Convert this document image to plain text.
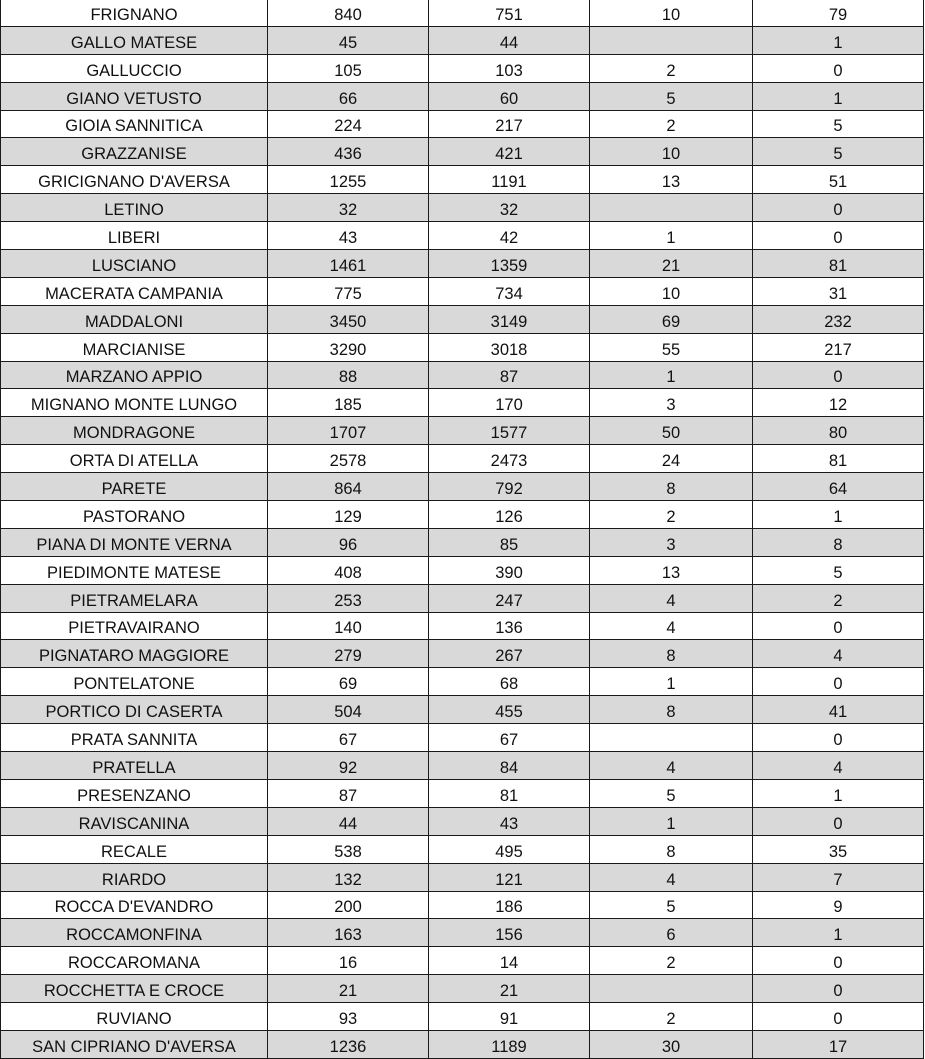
FRIGNANO	840	751	10	79
GALLO MATESE	45	44		1
GALLUCCIO	105	103	2	0
GIANO VETUSTO	66	60	5	1
GIOIA SANNITICA	224	217	2	5
GRAZZANISE	436	421	10	5
GRICIGNANO D'AVERSA	1255	1191	13	51
LETINO	32	32		0
LIBERI	43	42	1	0
LUSCIANO	1461	1359	21	81
MACERATA CAMPANIA	775	734	10	31
MADDALONI	3450	3149	69	232
MARCIANISE	3290	3018	55	217
MARZANO APPIO	88	87	1	0
MIGNANO MONTE LUNGO	185	170	3	12
MONDRAGONE	1707	1577	50	80
ORTA DI ATELLA	2578	2473	24	81
PARETE	864	792	8	64
PASTORANO	129	126	2	1
PIANA DI MONTE VERNA	96	85	3	8
PIEDIMONTE MATESE	408	390	13	5
PIETRAMELARA	253	247	4	2
PIETRAVAIRANO	140	136	4	0
PIGNATARO MAGGIORE	279	267	8	4
PONTELATONE	69	68	1	0
PORTICO DI CASERTA	504	455	8	41
PRATA SANNITA	67	67		0
PRATELLA	92	84	4	4
PRESENZANO	87	81	5	1
RAVISCANINA	44	43	1	0
RECALE	538	495	8	35
RIARDO	132	121	4	7
ROCCA D'EVANDRO	200	186	5	9
ROCCAMONFINA	163	156	6	1
ROCCAROMANA	16	14	2	0
ROCCHETTA E CROCE	21	21		0
RUVIANO	93	91	2	0
SAN CIPRIANO D'AVERSA	1236	1189	30	17
